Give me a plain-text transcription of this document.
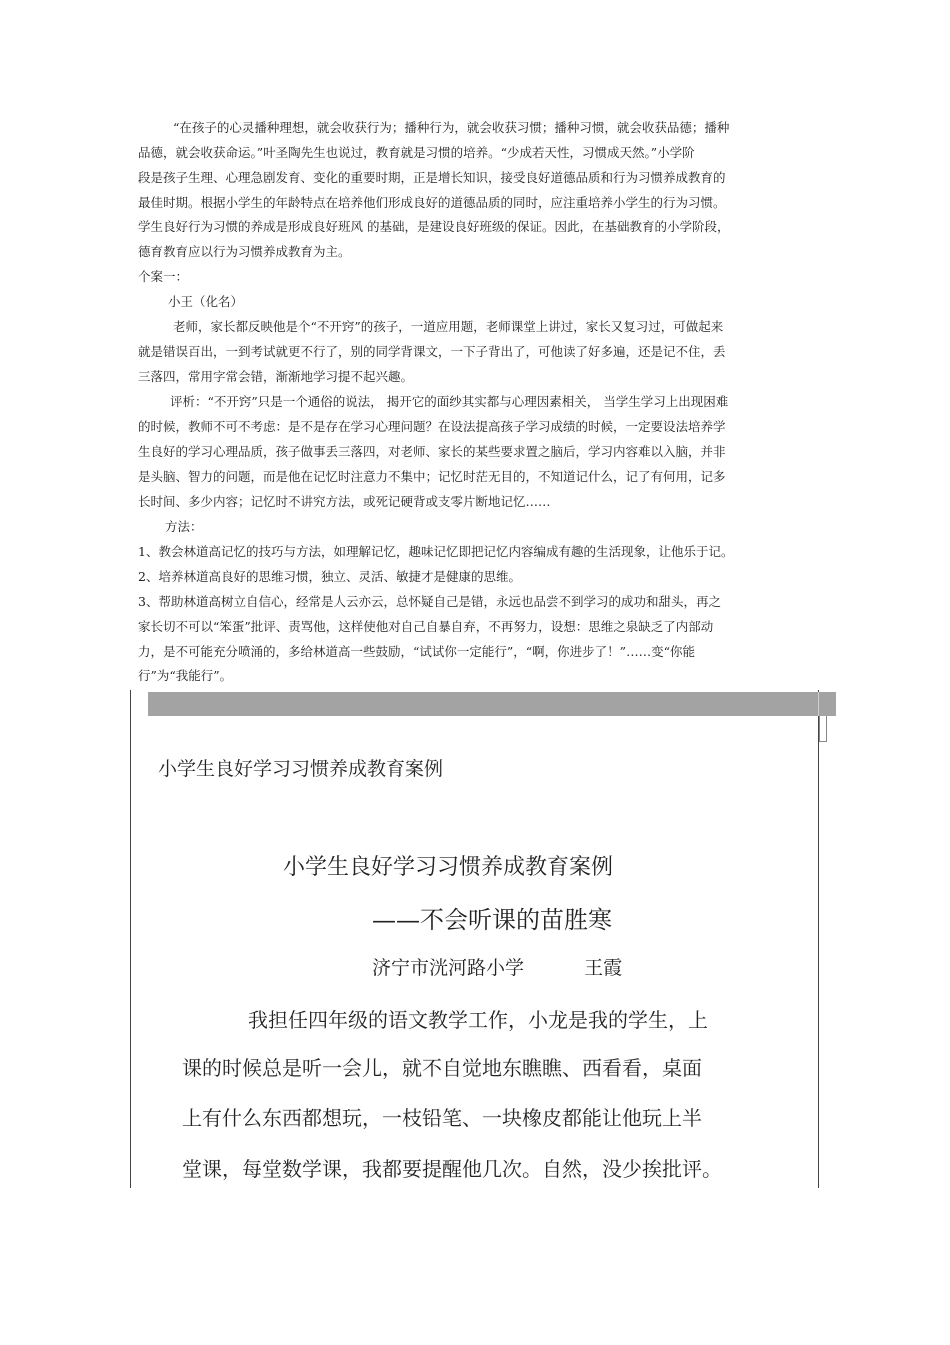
“在孩子的心灵播种理想，就会收获行为；播种行为，就会收获习惯；播种习惯，就会收获品德；播种
品德，就会收获命运。”叶圣陶先生也说过，教育就是习惯的培养。“少成若天性，习惯成天然。”小学阶
段是孩子生理、心理急剧发育、变化的重要时期，正是增长知识，接受良好道德品质和行为习惯养成教育的
最佳时期。根据小学生的年龄特点在培养他们形成良好的道德品质的同时，应注重培养小学生的行为习惯。
学生良好行为习惯的养成是形成良好班风 的基础，是建设良好班级的保证。因此，在基础教育的小学阶段，
德育教育应以行为习惯养成教育为主。
个案一：
小王（化名）
老师，家长都反映他是个“不开窍”的孩子，一道应用题，老师课堂上讲过，家长又复习过，可做起来
就是错误百出，一到考试就更不行了，别的同学背课文，一下子背出了，可他读了好多遍，还是记不住，丢
三落四，常用字常会错，渐渐地学习提不起兴趣。
评析：“不开窍”只是一个通俗的说法， 揭开它的面纱其实都与心理因素相关， 当学生学习上出现困难
的时候，教师不可不考虑：是不是存在学习心理问题？在设法提高孩子学习成绩的时候，一定要设法培养学
生良好的学习心理品质，孩子做事丢三落四，对老师、家长的某些要求置之脑后，学习内容难以入脑，并非
是头脑、智力的问题，而是他在记忆时注意力不集中；记忆时茫无目的，不知道记什么，记了有何用，记多
长时间、多少内容；记忆时不讲究方法，或死记硬背或支零片断地记忆……
方法：
1、教会林道高记忆的技巧与方法，如理解记忆，趣味记忆即把记忆内容编成有趣的生活现象，让他乐于记。
2、培养林道高良好的思维习惯，独立、灵活、敏捷才是健康的思维。
3、帮助林道高树立自信心，经常是人云亦云，总怀疑自己是错，永远也品尝不到学习的成功和甜头，再之
家长切不可以“笨蛋”批评、责骂他，这样使他对自己自暴自弃，不再努力，设想：思维之泉缺乏了内部动
力，是不可能充分喷涌的，多给林道高一些鼓励，“试试你一定能行”，“啊，你进步了！”……变“你能
行”为“我能行”。
小学生良好学习习惯养成教育案例
小学生良好学习习惯养成教育案例
——不会听课的苗胜寒
济宁市洸河路小学	王霞
我担任四年级的语文教学工作，小龙是我的学生，上
课的时候总是听一会儿，就不自觉地东瞧瞧、西看看，桌面
上有什么东西都想玩，一枝铅笔、一块橡皮都能让他玩上半
堂课，每堂数学课，我都要提醒他几次。自然，没少挨批评。
